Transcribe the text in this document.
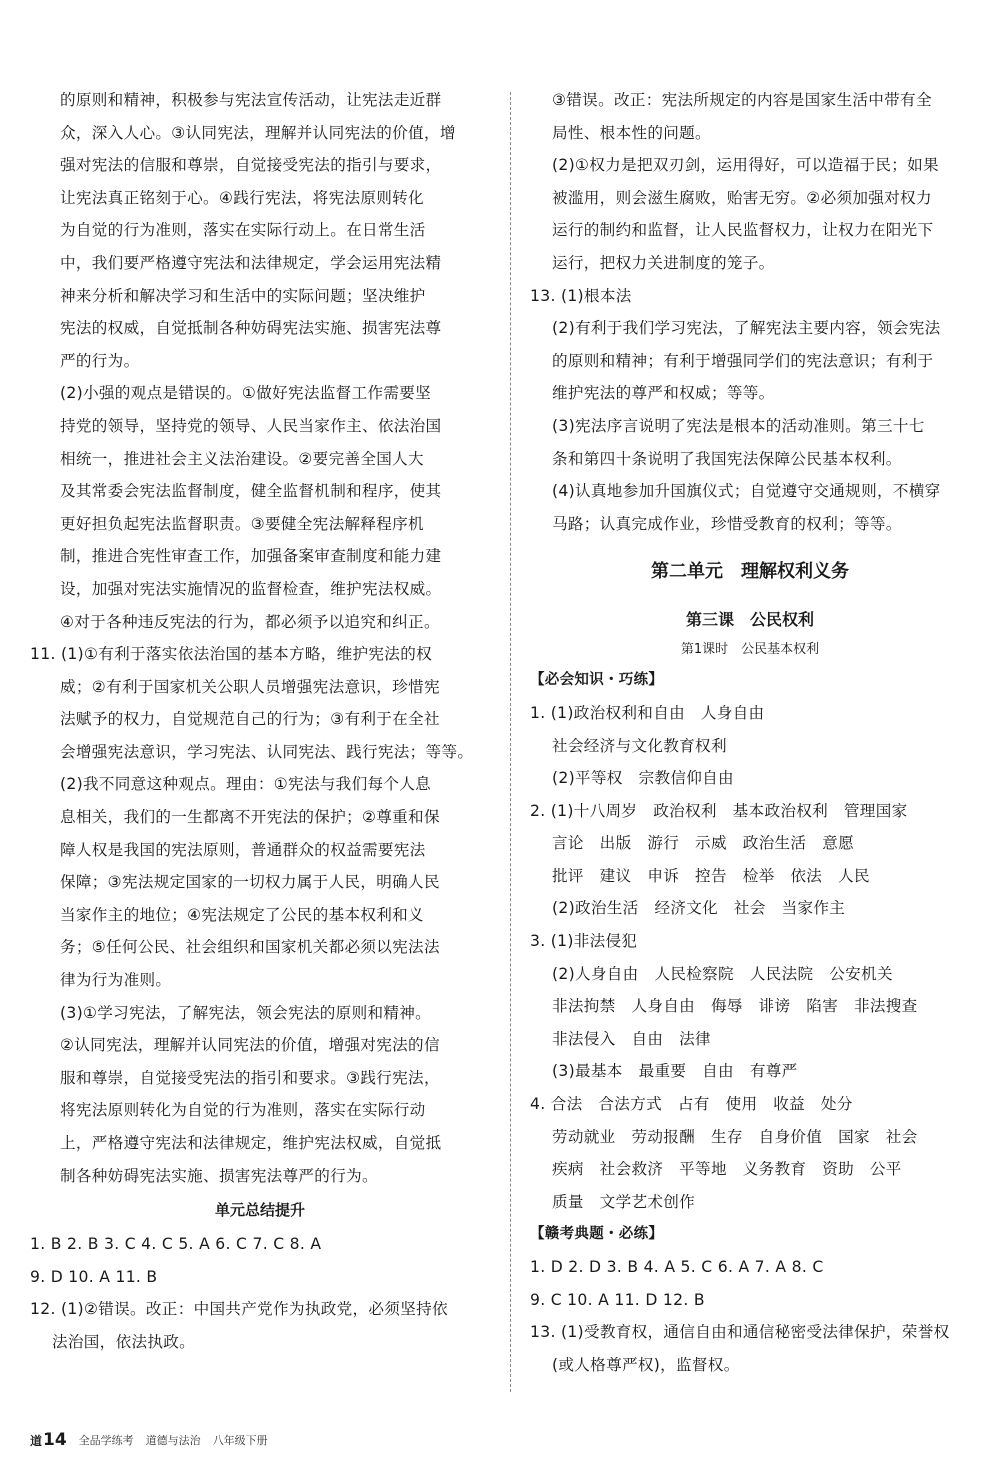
的原则和精神，积极参与宪法宣传活动，让宪法走近群
众，深入人心。③认同宪法，理解并认同宪法的价值，增
强对宪法的信服和尊崇，自觉接受宪法的指引与要求，
让宪法真正铭刻于心。④践行宪法，将宪法原则转化
为自觉的行为准则，落实在实际行动上。在日常生活
中，我们要严格遵守宪法和法律规定，学会运用宪法精
神来分析和解决学习和生活中的实际问题；坚决维护
宪法的权威，自觉抵制各种妨碍宪法实施、损害宪法尊
严的行为。
(2)小强的观点是错误的。①做好宪法监督工作需要坚
持党的领导，坚持党的领导、人民当家作主、依法治国
相统一，推进社会主义法治建设。②要完善全国人大
及其常委会宪法监督制度，健全监督机制和程序，使其
更好担负起宪法监督职责。③要健全宪法解释程序机
制，推进合宪性审查工作，加强备案审查制度和能力建
设，加强对宪法实施情况的监督检查，维护宪法权威。
④对于各种违反宪法的行为，都必须予以追究和纠正。
11. (1)①有利于落实依法治国的基本方略，维护宪法的权
威；②有利于国家机关公职人员增强宪法意识，珍惜宪
法赋予的权力，自觉规范自己的行为；③有利于在全社
会增强宪法意识，学习宪法、认同宪法、践行宪法；等等。
(2)我不同意这种观点。理由：①宪法与我们每个人息
息相关，我们的一生都离不开宪法的保护；②尊重和保
障人权是我国的宪法原则，普通群众的权益需要宪法
保障；③宪法规定国家的一切权力属于人民，明确人民
当家作主的地位；④宪法规定了公民的基本权利和义
务；⑤任何公民、社会组织和国家机关都必须以宪法法
律为行为准则。
(3)①学习宪法，了解宪法，领会宪法的原则和精神。
②认同宪法，理解并认同宪法的价值，增强对宪法的信
服和尊崇，自觉接受宪法的指引和要求。③践行宪法，
将宪法原则转化为自觉的行为准则，落实在实际行动
上，严格遵守宪法和法律规定，维护宪法权威，自觉抵
制各种妨碍宪法实施、损害宪法尊严的行为。
单元总结提升
1. B 2. B 3. C 4. C 5. A 6. C 7. C 8. A
9. D 10. A 11. B
12. (1)②错误。改正：中国共产党作为执政党，必须坚持依
法治国，依法执政。
③错误。改正：宪法所规定的内容是国家生活中带有全
局性、根本性的问题。
(2)①权力是把双刃剑，运用得好，可以造福于民；如果
被滥用，则会滋生腐败，贻害无穷。②必须加强对权力
运行的制约和监督，让人民监督权力，让权力在阳光下
运行，把权力关进制度的笼子。
13. (1)根本法
(2)有利于我们学习宪法，了解宪法主要内容，领会宪法
的原则和精神；有利于增强同学们的宪法意识；有利于
维护宪法的尊严和权威；等等。
(3)宪法序言说明了宪法是根本的活动准则。第三十七
条和第四十条说明了我国宪法保障公民基本权利。
(4)认真地参加升国旗仪式；自觉遵守交通规则，不横穿
马路；认真完成作业，珍惜受教育的权利；等等。
第二单元　理解权利义务
第三课　公民权利
第1课时　公民基本权利
【必会知识・巧练】
1. (1)政治权利和自由　人身自由
社会经济与文化教育权利
(2)平等权　宗教信仰自由
2. (1)十八周岁　政治权利　基本政治权利　管理国家
言论　出版　游行　示威　政治生活　意愿
批评　建议　申诉　控告　检举　依法　人民
(2)政治生活　经济文化　社会　当家作主
3. (1)非法侵犯
(2)人身自由　人民检察院　人民法院　公安机关
非法拘禁　人身自由　侮辱　诽谤　陷害　非法搜查
非法侵入　自由　法律
(3)最基本　最重要　自由　有尊严
4. 合法　合法方式　占有　使用　收益　处分
劳动就业　劳动报酬　生存　自身价值　国家　社会
疾病　社会救济　平等地　义务教育　资助　公平
质量　文学艺术创作
【赣考典题・必练】
1. D 2. D 3. B 4. A 5. C 6. A 7. A 8. C
9. C 10. A 11. D 12. B
13. (1)受教育权，通信自由和通信秘密受法律保护，荣誉权
(或人格尊严权)，监督权。
道 14 全品学练考 道德与法治 八年级下册
